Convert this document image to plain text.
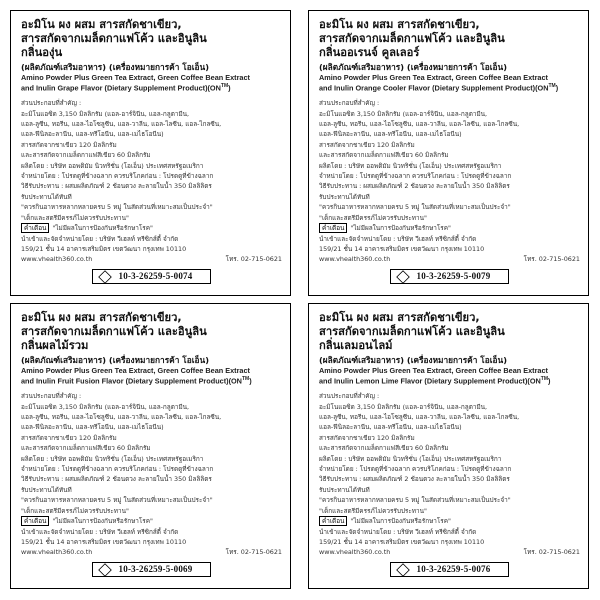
อะมิโน ผง ผสม สารสกัดชาเขียว,
สารสกัดจากเมล็ดกาแฟโค้ว และอินูลิน
กลิ่นองุ่น
(ผลิตภัณฑ์เสริมอาหาร) (เครื่องหมายการค้า โอเอ็น)
Amino Powder Plus Green Tea Extract, Green Coffee Bean Extract
and Inulin Grape Flavor (Dietary Supplement Product)(ON™)
ส่วนประกอบที่สำคัญ :
อะมิโนแอซิด 3,150 มิลลิกรัม (แอล-อาร์จินีน, แอล-กลูตามีน,
แอล-ลูซีน, ทอรีน, แอล-ไอโซลูซีน, แอล-วาลีน, แอล-ไลซีน, แอล-ไกลซีน,
แอล-ฟีนิลอะลานีน, แอล-ทรีโอนีน, แอล-เมไธโอนีน)
สารสกัดจากชาเขียว 120 มิลลิกรัม
และสารสกัดจากเมล็ดกาแฟสีเขียว 60 มิลลิกรัม
ผลิตโดย : บริษัท ออพติมัม นิวทริชั่น (โอเอ็น) ประเทศสหรัฐอเมริกา
จำหน่ายโดย : โปรดดูที่ข้างฉลาก ควรบริโภคก่อน : โปรดดูที่ข้างฉลาก
วิธีรับประทาน : ผสมผลิตภัณฑ์ 2 ช้อนตวง ละลายในน้ำ 350 มิลลิลิตร
รับประทานได้ทันที
"ควรกินอาหารหลากหลายครบ 5 หมู่ ในสัดส่วนที่เหมาะสมเป็นประจำ"
"เด็กและสตรีมีครรภ์ไม่ควรรับประทาน"
คำเตือน "ไม่มีผลในการป้องกันหรือรักษาโรค"
นำเข้าและจัดจำหน่ายโดย : บริษัท วีเฮลท์ ทรีซิกส์ตี้ จำกัด
159/21 ชั้น 14 อาคารเสริมมิตร เขตวัฒนา กรุงเทพ 10110
www.vhealth360.co.th	โทร. 02-715-0621
10-3-26259-5-0074
อะมิโน ผง ผสม สารสกัดชาเขียว,
สารสกัดจากเมล็ดกาแฟโค้ว และอินูลิน
กลิ่นออเรนจ์ คูลเลอร์
(ผลิตภัณฑ์เสริมอาหาร) (เครื่องหมายการค้า โอเอ็น)
Amino Powder Plus Green Tea Extract, Green Coffee Bean Extract
and Inulin Orange Cooler Flavor (Dietary Supplement Product)(ON™)
ส่วนประกอบที่สำคัญ :
อะมิโนแอซิด 3,150 มิลลิกรัม (แอล-อาร์จินีน, แอล-กลูตามีน,
แอล-ลูซีน, ทอรีน, แอล-ไอโซลูซีน, แอล-วาลีน, แอล-ไลซีน, แอล-ไกลซีน,
แอล-ฟีนิลอะลานีน, แอล-ทรีโอนีน, แอล-เมไธโอนีน)
สารสกัดจากชาเขียว 120 มิลลิกรัม
และสารสกัดจากเมล็ดกาแฟสีเขียว 60 มิลลิกรัม
ผลิตโดย : บริษัท ออพติมัม นิวทริชั่น (โอเอ็น) ประเทศสหรัฐอเมริกา
จำหน่ายโดย : โปรดดูที่ข้างฉลาก ควรบริโภคก่อน : โปรดดูที่ข้างฉลาก
วิธีรับประทาน : ผสมผลิตภัณฑ์ 2 ช้อนตวง ละลายในน้ำ 350 มิลลิลิตร
รับประทานได้ทันที
"ควรกินอาหารหลากหลายครบ 5 หมู่ ในสัดส่วนที่เหมาะสมเป็นประจำ"
"เด็กและสตรีมีครรภ์ไม่ควรรับประทาน"
คำเตือน "ไม่มีผลในการป้องกันหรือรักษาโรค"
นำเข้าและจัดจำหน่ายโดย : บริษัท วีเฮลท์ ทรีซิกส์ตี้ จำกัด
159/21 ชั้น 14 อาคารเสริมมิตร เขตวัฒนา กรุงเทพ 10110
www.vhealth360.co.th	โทร. 02-715-0621
10-3-26259-5-0079
อะมิโน ผง ผสม สารสกัดชาเขียว,
สารสกัดจากเมล็ดกาแฟโค้ว และอินูลิน
กลิ่นผลไม้รวม
(ผลิตภัณฑ์เสริมอาหาร) (เครื่องหมายการค้า โอเอ็น)
Amino Powder Plus Green Tea Extract, Green Coffee Bean Extract
and Inulin Fruit Fusion Flavor (Dietary Supplement Product)(ON™)
ส่วนประกอบที่สำคัญ :
อะมิโนแอซิด 3,150 มิลลิกรัม (แอล-อาร์จินีน, แอล-กลูตามีน,
แอล-ลูซีน, ทอรีน, แอล-ไอโซลูซีน, แอล-วาลีน, แอล-ไลซีน, แอล-ไกลซีน,
แอล-ฟีนิลอะลานีน, แอล-ทรีโอนีน, แอล-เมไธโอนีน)
สารสกัดจากชาเขียว 120 มิลลิกรัม
และสารสกัดจากเมล็ดกาแฟสีเขียว 60 มิลลิกรัม
ผลิตโดย : บริษัท ออพติมัม นิวทริชั่น (โอเอ็น) ประเทศสหรัฐอเมริกา
จำหน่ายโดย : โปรดดูที่ข้างฉลาก ควรบริโภคก่อน : โปรดดูที่ข้างฉลาก
วิธีรับประทาน : ผสมผลิตภัณฑ์ 2 ช้อนตวง ละลายในน้ำ 350 มิลลิลิตร
รับประทานได้ทันที
"ควรกินอาหารหลากหลายครบ 5 หมู่ ในสัดส่วนที่เหมาะสมเป็นประจำ"
"เด็กและสตรีมีครรภ์ไม่ควรรับประทาน"
คำเตือน "ไม่มีผลในการป้องกันหรือรักษาโรค"
นำเข้าและจัดจำหน่ายโดย : บริษัท วีเฮลท์ ทรีซิกส์ตี้ จำกัด
159/21 ชั้น 14 อาคารเสริมมิตร เขตวัฒนา กรุงเทพ 10110
www.vhealth360.co.th	โทร. 02-715-0621
10-3-26259-5-0069
อะมิโน ผง ผสม สารสกัดชาเขียว,
สารสกัดจากเมล็ดกาแฟโค้ว และอินูลิน
กลิ่นเลมอนไลม์
(ผลิตภัณฑ์เสริมอาหาร) (เครื่องหมายการค้า โอเอ็น)
Amino Powder Plus Green Tea Extract, Green Coffee Bean Extract
and Inulin Lemon Lime Flavor (Dietary Supplement Product)(ON™)
ส่วนประกอบที่สำคัญ :
อะมิโนแอซิด 3,150 มิลลิกรัม (แอล-อาร์จินีน, แอล-กลูตามีน,
แอล-ลูซีน, ทอรีน, แอล-ไอโซลูซีน, แอล-วาลีน, แอล-ไลซีน, แอล-ไกลซีน,
แอล-ฟีนิลอะลานีน, แอล-ทรีโอนีน, แอล-เมไธโอนีน)
สารสกัดจากชาเขียว 120 มิลลิกรัม
และสารสกัดจากเมล็ดกาแฟสีเขียว 60 มิลลิกรัม
ผลิตโดย : บริษัท ออพติมัม นิวทริชั่น (โอเอ็น) ประเทศสหรัฐอเมริกา
จำหน่ายโดย : โปรดดูที่ข้างฉลาก ควรบริโภคก่อน : โปรดดูที่ข้างฉลาก
วิธีรับประทาน : ผสมผลิตภัณฑ์ 2 ช้อนตวง ละลายในน้ำ 350 มิลลิลิตร
รับประทานได้ทันที
"ควรกินอาหารหลากหลายครบ 5 หมู่ ในสัดส่วนที่เหมาะสมเป็นประจำ"
"เด็กและสตรีมีครรภ์ไม่ควรรับประทาน"
คำเตือน "ไม่มีผลในการป้องกันหรือรักษาโรค"
นำเข้าและจัดจำหน่ายโดย : บริษัท วีเฮลท์ ทรีซิกส์ตี้ จำกัด
159/21 ชั้น 14 อาคารเสริมมิตร เขตวัฒนา กรุงเทพ 10110
www.vhealth360.co.th	โทร. 02-715-0621
10-3-26259-5-0076
